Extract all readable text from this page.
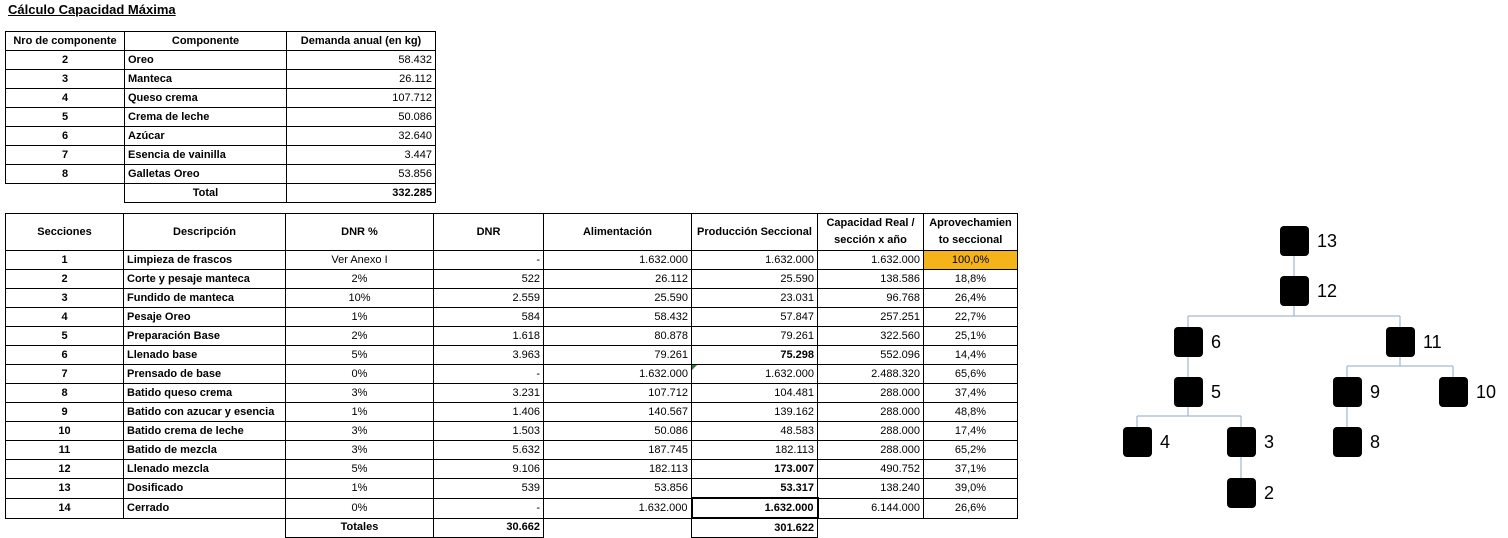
Cálculo Capacidad Máxima
Nro de componente	Componente	Demanda anual (en kg)
2	Oreo	58.432
3	Manteca	26.112
4	Queso crema	107.712
5	Crema de leche	50.086
6	Azúcar	32.640
7	Esencia de vainilla	3.447
8	Galletas Oreo	53.856
	Total	332.285
Secciones	Descripción	DNR %	DNR	Alimentación	Producción Seccional	Capacidad Real / sección x año	Aprovechamien to seccional
1	Limpieza de frascos	Ver Anexo I	-	1.632.000	1.632.000	1.632.000	100,0%
2	Corte y pesaje manteca	2%	522	26.112	25.590	138.586	18,8%
3	Fundido de manteca	10%	2.559	25.590	23.031	96.768	26,4%
4	Pesaje Oreo	1%	584	58.432	57.847	257.251	22,7%
5	Preparación Base	2%	1.618	80.878	79.261	322.560	25,1%
6	Llenado base	5%	3.963	79.261	75.298	552.096	14,4%
7	Prensado de base	0%	-	1.632.000	1.632.000	2.488.320	65,6%
8	Batido queso crema	3%	3.231	107.712	104.481	288.000	37,4%
9	Batido con azucar y esencia	1%	1.406	140.567	139.162	288.000	48,8%
10	Batido crema de leche	3%	1.503	50.086	48.583	288.000	17,4%
11	Batido de mezcla	3%	5.632	187.745	182.113	288.000	65,2%
12	Llenado mezcla	5%	9.106	182.113	173.007	490.752	37,1%
13	Dosificado	1%	539	53.856	53.317	138.240	39,0%
14	Cerrado	0%	-	1.632.000	1.632.000	6.144.000	26,6%
		Totales	30.662		301.622		
13
12
6	11
5	9	10
4	3	8
2
